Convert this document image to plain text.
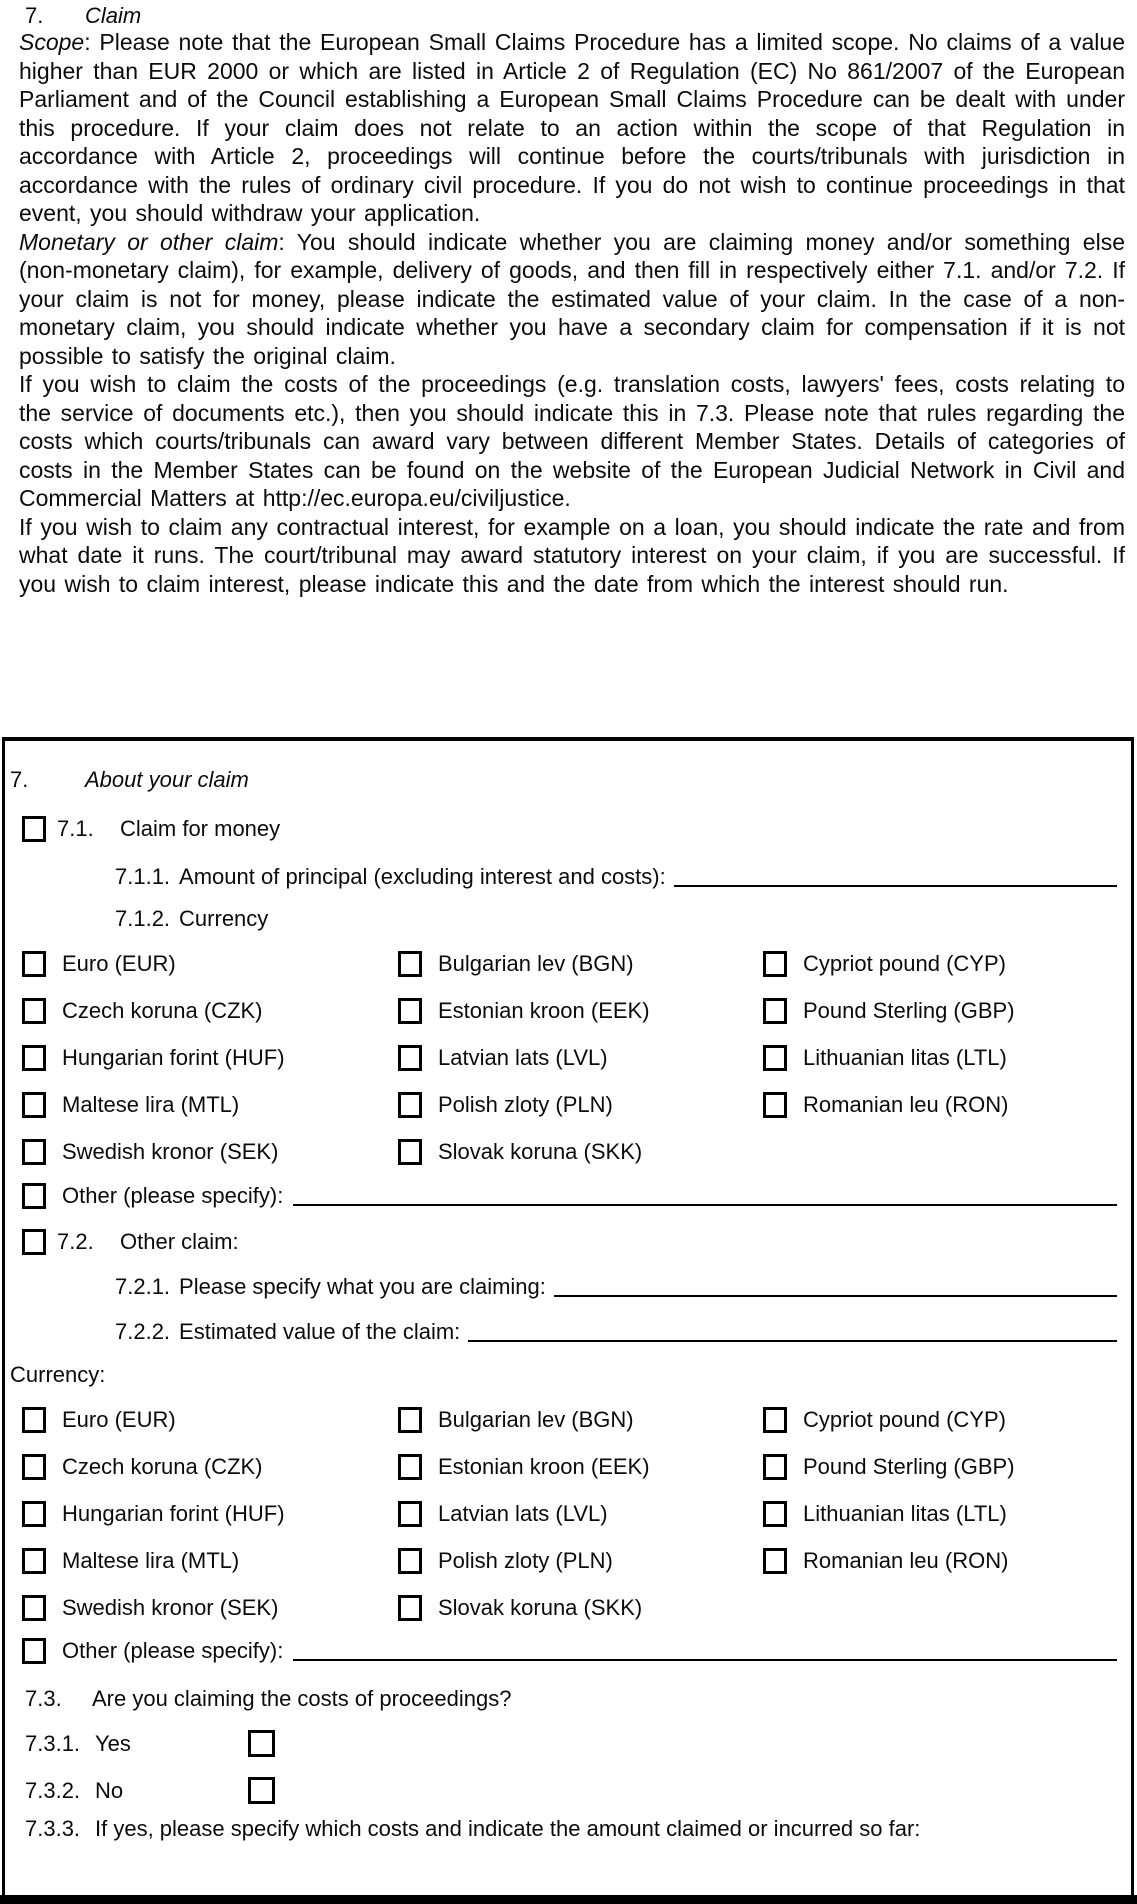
7.	Claim

Scope: Please note that the European Small Claims Procedure has a limited scope. No claims of a value higher than EUR 2000 or which are listed in Article 2 of Regulation (EC) No 861/2007 of the European Parliament and of the Council establishing a European Small Claims Procedure can be dealt with under this procedure. If your claim does not relate to an action within the scope of that Regulation in accordance with Article 2, proceedings will continue before the courts/tribunals with jurisdiction in accordance with the rules of ordinary civil procedure. If you do not wish to continue proceedings in that event, you should withdraw your application.

Monetary or other claim: You should indicate whether you are claiming money and/or something else (non-monetary claim), for example, delivery of goods, and then fill in respectively either 7.1. and/or 7.2. If your claim is not for money, please indicate the estimated value of your claim. In the case of a non-monetary claim, you should indicate whether you have a secondary claim for compensation if it is not possible to satisfy the original claim.

If you wish to claim the costs of the proceedings (e.g. translation costs, lawyers' fees, costs relating to the service of documents etc.), then you should indicate this in 7.3. Please note that rules regarding the costs which courts/tribunals can award vary between different Member States. Details of categories of costs in the Member States can be found on the website of the European Judicial Network in Civil and Commercial Matters at http://ec.europa.eu/civiljustice.

If you wish to claim any contractual interest, for example on a loan, you should indicate the rate and from what date it runs. The court/tribunal may award statutory interest on your claim, if you are successful. If you wish to claim interest, please indicate this and the date from which the interest should run.

7.	About your claim
7.1.	Claim for money
7.1.1. Amount of principal (excluding interest and costs):
7.1.2. Currency
Euro (EUR)	Bulgarian lev (BGN)	Cypriot pound (CYP)
Czech koruna (CZK)	Estonian kroon (EEK)	Pound Sterling (GBP)
Hungarian forint (HUF)	Latvian lats (LVL)	Lithuanian litas (LTL)
Maltese lira (MTL)	Polish zloty (PLN)	Romanian leu (RON)
Swedish kronor (SEK)	Slovak koruna (SKK)
Other (please specify):
7.2.	Other claim:
7.2.1. Please specify what you are claiming:
7.2.2. Estimated value of the claim:
Currency:
Euro (EUR)	Bulgarian lev (BGN)	Cypriot pound (CYP)
Czech koruna (CZK)	Estonian kroon (EEK)	Pound Sterling (GBP)
Hungarian forint (HUF)	Latvian lats (LVL)	Lithuanian litas (LTL)
Maltese lira (MTL)	Polish zloty (PLN)	Romanian leu (RON)
Swedish kronor (SEK)	Slovak koruna (SKK)
Other (please specify):
7.3.	Are you claiming the costs of proceedings?
7.3.1. Yes
7.3.2. No
7.3.3. If yes, please specify which costs and indicate the amount claimed or incurred so far:
